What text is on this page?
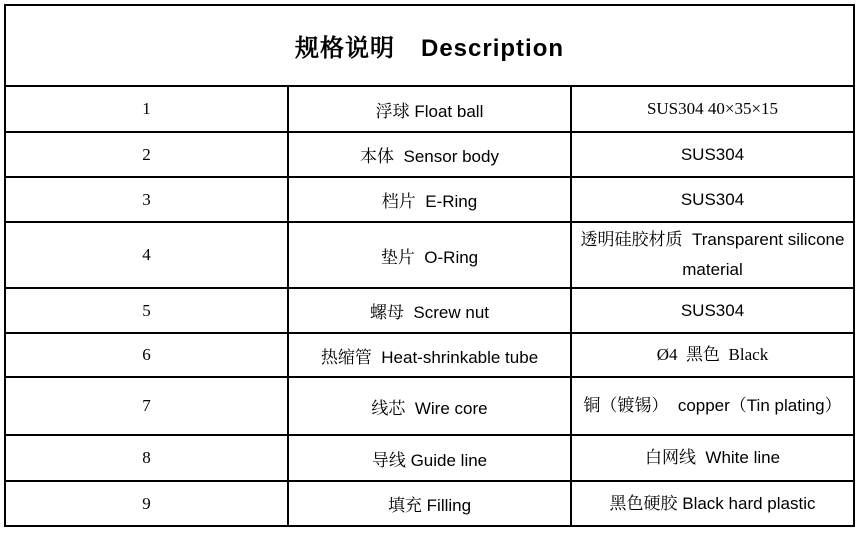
规格说明 Description		
1	浮球 Float ball	SUS304 40×35×15
2	本体  Sensor body	SUS304
3	档片  E-Ring	SUS304
4	垫片  O-Ring	透明硅胶材质  Transparent silicone material
5	螺母  Screw nut	SUS304
6	热缩管  Heat-shrinkable tube	Ø4  黑色  Black
7	线芯  Wire core	铜（镀锡）  copper（Tin plating）
8	导线 Guide line	白网线  White line
9	填充 Filling	黑色硬胶 Black hard plastic
